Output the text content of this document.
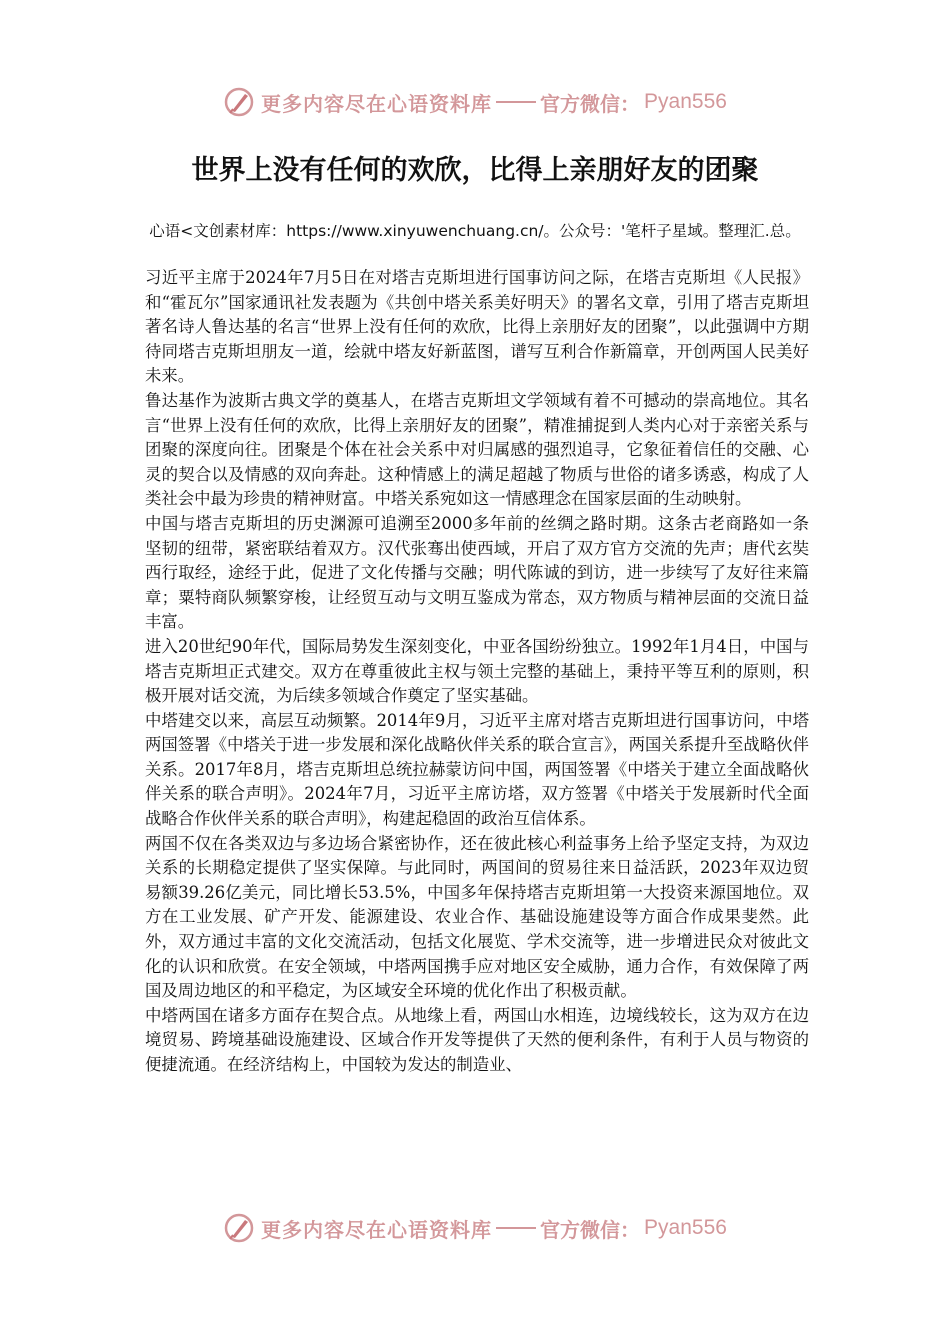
更多内容尽在心语资料库 官方微信： Pyan556
世界上没有任何的欢欣，比得上亲朋好友的团聚
心语<文创素材库：https://www.xinyuwenchuang.cn/。公众号：'笔杆子星域。整理汇.总。

习近平主席于2024年7月5日在对塔吉克斯坦进行国事访问之际，在塔吉克斯坦《人民报》和“霍瓦尔”国家通讯社发表题为《共创中塔关系美好明天》的署名文章，引用了塔吉克斯坦著名诗人鲁达基的名言“世界上没有任何的欢欣，比得上亲朋好友的团聚”，以此强调中方期待同塔吉克斯坦朋友一道，绘就中塔友好新蓝图，谱写互利合作新篇章，开创两国人民美好未来。

鲁达基作为波斯古典文学的奠基人，在塔吉克斯坦文学领域有着不可撼动的崇高地位。其名言“世界上没有任何的欢欣，比得上亲朋好友的团聚”，精准捕捉到人类内心对于亲密关系与团聚的深度向往。团聚是个体在社会关系中对归属感的强烈追寻，它象征着信任的交融、心灵的契合以及情感的双向奔赴。这种情感上的满足超越了物质与世俗的诸多诱惑，构成了人类社会中最为珍贵的精神财富。中塔关系宛如这一情感理念在国家层面的生动映射。

中国与塔吉克斯坦的历史渊源可追溯至2000多年前的丝绸之路时期。这条古老商路如一条坚韧的纽带，紧密联结着双方。汉代张骞出使西域，开启了双方官方交流的先声；唐代玄奘西行取经，途经于此，促进了文化传播与交融；明代陈诚的到访，进一步续写了友好往来篇章；粟特商队频繁穿梭，让经贸互动与文明互鉴成为常态，双方物质与精神层面的交流日益丰富。

进入20世纪90年代，国际局势发生深刻变化，中亚各国纷纷独立。1992年1月4日，中国与塔吉克斯坦正式建交。双方在尊重彼此主权与领土完整的基础上，秉持平等互利的原则，积极开展对话交流，为后续多领域合作奠定了坚实基础。

中塔建交以来，高层互动频繁。2014年9月，习近平主席对塔吉克斯坦进行国事访问，中塔两国签署《中塔关于进一步发展和深化战略伙伴关系的联合宣言》，两国关系提升至战略伙伴关系。2017年8月，塔吉克斯坦总统拉赫蒙访问中国，两国签署《中塔关于建立全面战略伙伴关系的联合声明》。2024年7月，习近平主席访塔，双方签署《中塔关于发展新时代全面战略合作伙伴关系的联合声明》，构建起稳固的政治互信体系。

两国不仅在各类双边与多边场合紧密协作，还在彼此核心利益事务上给予坚定支持，为双边关系的长期稳定提供了坚实保障。与此同时，两国间的贸易往来日益活跃，2023年双边贸易额39.26亿美元，同比增长53.5%，中国多年保持塔吉克斯坦第一大投资来源国地位。双方在工业发展、矿产开发、能源建设、农业合作、基础设施建设等方面合作成果斐然。此外，双方通过丰富的文化交流活动，包括文化展览、学术交流等，进一步增进民众对彼此文化的认识和欣赏。在安全领域，中塔两国携手应对地区安全威胁，通力合作，有效保障了两国及周边地区的和平稳定，为区域安全环境的优化作出了积极贡献。

中塔两国在诸多方面存在契合点。从地缘上看，两国山水相连，边境线较长，这为双方在边境贸易、跨境基础设施建设、区域合作开发等提供了天然的便利条件，有利于人员与物资的便捷流通。在经济结构上，中国较为发达的制造业、

更多内容尽在心语资料库 官方微信： Pyan556
